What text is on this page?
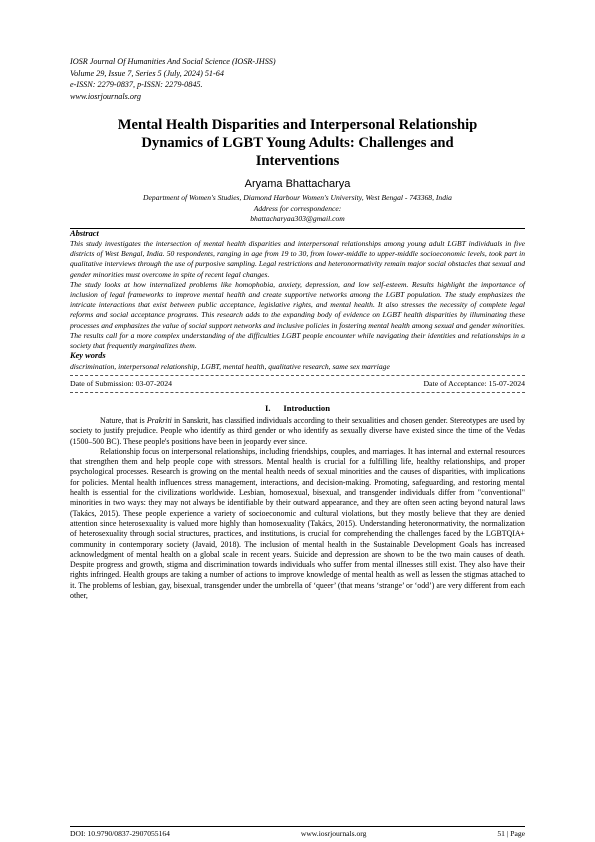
IOSR Journal Of Humanities And Social Science (IOSR-JHSS)
Volume 29, Issue 7, Series 5 (July, 2024) 51-64
e-ISSN: 2279-0837, p-ISSN: 2279-0845.
www.iosrjournals.org
Mental Health Disparities and Interpersonal Relationship
Dynamics of LGBT Young Adults: Challenges and
Interventions
Aryama Bhattacharya
Department of Women's Studies, Diamond Harbour Women's University, West Bengal - 743368, India
Address for correspondence:
bhattacharyaa303@gmail.com
Abstract

This study investigates the intersection of mental health disparities and interpersonal relationships among young adult LGBT individuals in five districts of West Bengal, India. 50 respondents, ranging in age from 19 to 30, from lower-middle to upper-middle socioeconomic levels, took part in qualitative interviews through the use of purposive sampling. Legal restrictions and heteronormativity remain major social obstacles that sexual and gender minorities must overcome in spite of recent legal changes.

The study looks at how internalized problems like homophobia, anxiety, depression, and low self-esteem. Results highlight the importance of inclusion of legal frameworks to improve mental health and create supportive networks among the LGBT population. The study emphasizes the intricate interactions that exist between public acceptance, legislative rights, and mental health. It also stresses the necessity of complete legal reforms and social acceptance programs. This research adds to the expanding body of evidence on LGBT health disparities by illuminating these processes and emphasizes the value of social support networks and inclusive policies in fostering mental health among sexual and gender minorities. The results call for a more complex understanding of the difficulties LGBT people encounter while navigating their identities and relationships in a society that frequently marginalizes them.

Key words

discrimination, interpersonal relationship, LGBT, mental health, qualitative research, same sex marriage

Date of Submission: 03-07-2024	Date of Acceptance: 15-07-2024
I.      Introduction

Nature, that is Prakriti in Sanskrit, has classified individuals according to their sexualities and chosen gender. Stereotypes are used by society to justify prejudice. People who identify as third gender or who identify as sexually diverse have existed since the time of the Vedas (1500–500 BC). These people's positions have been in jeopardy ever since.

Relationship focus on interpersonal relationships, including friendships, couples, and marriages. It has internal and external resources that strengthen them and help people cope with stressors. Mental health is crucial for a fulfilling life, healthy relationships, and proper psychological processes. Research is growing on the mental health needs of sexual minorities and the causes of disparities, with implications for policies. Mental health influences stress management, interactions, and decision-making. Promoting, safeguarding, and restoring mental health is essential for the civilizations worldwide. Lesbian, homosexual, bisexual, and transgender individuals differ from "conventional" minorities in two ways: they may not always be identifiable by their outward appearance, and they are often seen acting beyond natural laws (Takács, 2015). These people experience a variety of socioeconomic and cultural violations, but they mostly believe that they are denied attention since heterosexuality is valued more highly than homosexuality (Takács, 2015). Understanding heteronormativity, the normalization of heterosexuality through social structures, practices, and institutions, is crucial for comprehending the challenges faced by the LGBTQIA+ community in contemporary society (Javaid, 2018). The inclusion of mental health in the Sustainable Development Goals has increased acknowledgment of mental health on a global scale in recent years. Suicide and depression are shown to be the two main causes of death. Despite progress and growth, stigma and discrimination towards individuals who suffer from mental illnesses still exist. They also have their rights infringed. Health groups are taking a number of actions to improve knowledge of mental health as well as lessen the stigmas attached to it. The problems of lesbian, gay, bisexual, transgender under the umbrella of ‘queer’ (that means ‘strange’ or ‘odd’) are very different from each other,

DOI: 10.9790/0837-2907055164	www.iosrjournals.org	51 | Page
